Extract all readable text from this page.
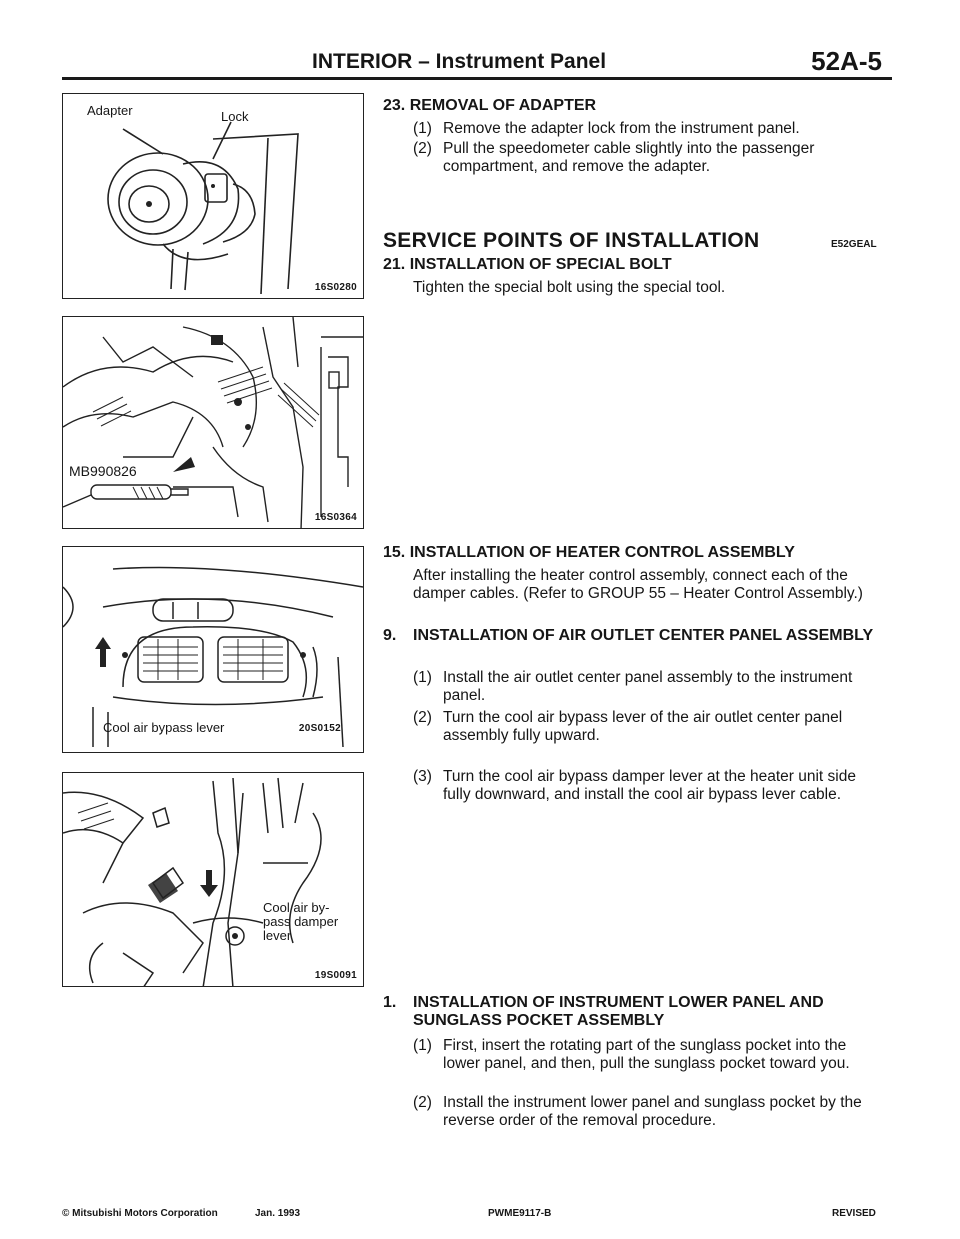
INTERIOR – Instrument Panel	52A-5
Adapter	Lock
16S0280
MB990826
16S0364
Cool air bypass lever	20S0152
Cool air by-
pass damper
lever
19S0091
23. REMOVAL OF ADAPTER
(1) Remove the adapter lock from the instrument panel.
(2) Pull the speedometer cable slightly into the passenger compartment, and remove the adapter.
SERVICE POINTS OF INSTALLATION	E52GEAL
21. INSTALLATION OF SPECIAL BOLT
Tighten the special bolt using the special tool.
15. INSTALLATION OF HEATER CONTROL ASSEMBLY
After installing the heater control assembly, connect each of the damper cables. (Refer to GROUP 55 – Heater Control Assembly.)
9. INSTALLATION OF AIR OUTLET CENTER PANEL ASSEMBLY
(1) Install the air outlet center panel assembly to the instrument panel.
(2) Turn the cool air bypass lever of the air outlet center panel assembly fully upward.
(3) Turn the cool air bypass damper lever at the heater unit side fully downward, and install the cool air bypass lever cable.
1. INSTALLATION OF INSTRUMENT LOWER PANEL AND SUNGLASS POCKET ASSEMBLY
(1) First, insert the rotating part of the sunglass pocket into the lower panel, and then, pull the sunglass pocket toward you.
(2) Install the instrument lower panel and sunglass pocket by the reverse order of the removal procedure.
© Mitsubishi Motors Corporation	Jan. 1993	PWME9117-B	REVISED
